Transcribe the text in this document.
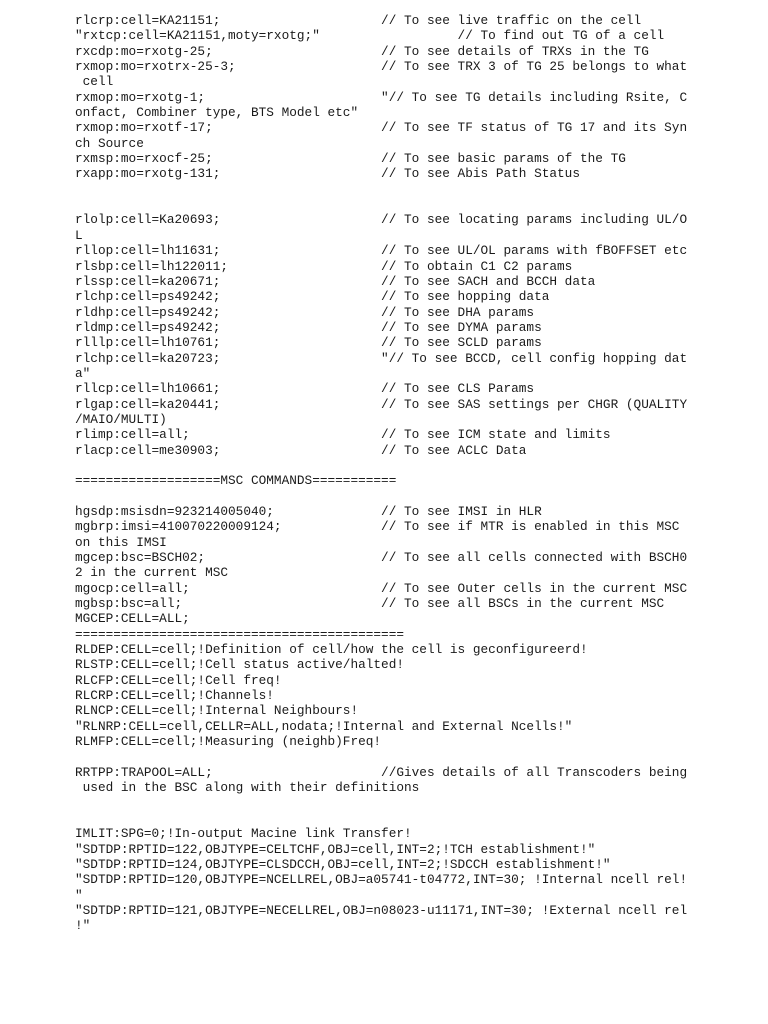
rlcrp:cell=KA21151;                     // To see live traffic on the cell
"rxtcp:cell=KA21151,moty=rxotg;"                  // To find out TG of a cell
rxcdp:mo=rxotg-25;                      // To see details of TRXs in the TG
rxmop:mo=rxotrx-25-3;                   // To see TRX 3 of TG 25 belongs to what
cell
rxmop:mo=rxotg-1;                       "// To see TG details including Rsite, C
onfact, Combiner type, BTS Model etc"
rxmop:mo=rxotf-17;                      // To see TF status of TG 17 and its Syn
ch Source
rxmsp:mo=rxocf-25;                      // To see basic params of the TG
rxapp:mo=rxotg-131;                     // To see Abis Path Status
rlolp:cell=Ka20693;                     // To see locating params including UL/O
L
rllop:cell=lh11631;                     // To see UL/OL params with fBOFFSET etc
rlsbp:cell=lh122011;                    // To obtain C1 C2 params
rlssp:cell=ka20671;                     // To see SACH and BCCH data
rlchp:cell=ps49242;                     // To see hopping data
rldhp:cell=ps49242;                     // To see DHA params
rldmp:cell=ps49242;                     // To see DYMA params
rlllp:cell=lh10761;                     // To see SCLD params
rlchp:cell=ka20723;                     "// To see BCCD, cell config hopping dat
a"
rllcp:cell=lh10661;                     // To see CLS Params
rlgap:cell=ka20441;                     // To see SAS settings per CHGR (QUALITY
/MAIO/MULTI)
rlimp:cell=all;                         // To see ICM state and limits
rlacp:cell=me30903;                     // To see ACLC Data
===================MSC COMMANDS===========
hgsdp:msisdn=923214005040;              // To see IMSI in HLR
mgbrp:imsi=410070220009124;             // To see if MTR is enabled in this MSC
on this IMSI
mgcep:bsc=BSCH02;                       // To see all cells connected with BSCH0
2 in the current MSC
mgocp:cell=all;                         // To see Outer cells in the current MSC
mgbsp:bsc=all;                          // To see all BSCs in the current MSC
MGCEP:CELL=ALL;
===========================================
RLDEP:CELL=cell;!Definition of cell/how the cell is geconfigureerd!
RLSTP:CELL=cell;!Cell status active/halted!
RLCFP:CELL=cell;!Cell freq!
RLCRP:CELL=cell;!Channels!
RLNCP:CELL=cell;!Internal Neighbours!
"RLNRP:CELL=cell,CELLR=ALL,nodata;!Internal and External Ncells!"
RLMFP:CELL=cell;!Measuring (neighb)Freq!
RRTPP:TRAPOOL=ALL;                      //Gives details of all Transcoders being
used in the BSC along with their definitions
IMLIT:SPG=0;!In-output Macine link Transfer!
"SDTDP:RPTID=122,OBJTYPE=CELTCHF,OBJ=cell,INT=2;!TCH establishment!"
"SDTDP:RPTID=124,OBJTYPE=CLSDCCH,OBJ=cell,INT=2;!SDCCH establishment!"
"SDTDP:RPTID=120,OBJTYPE=NCELLREL,OBJ=a05741-t04772,INT=30; !Internal ncell rel!
"
"SDTDP:RPTID=121,OBJTYPE=NECELLREL,OBJ=n08023-u11171,INT=30; !External ncell rel
!"
